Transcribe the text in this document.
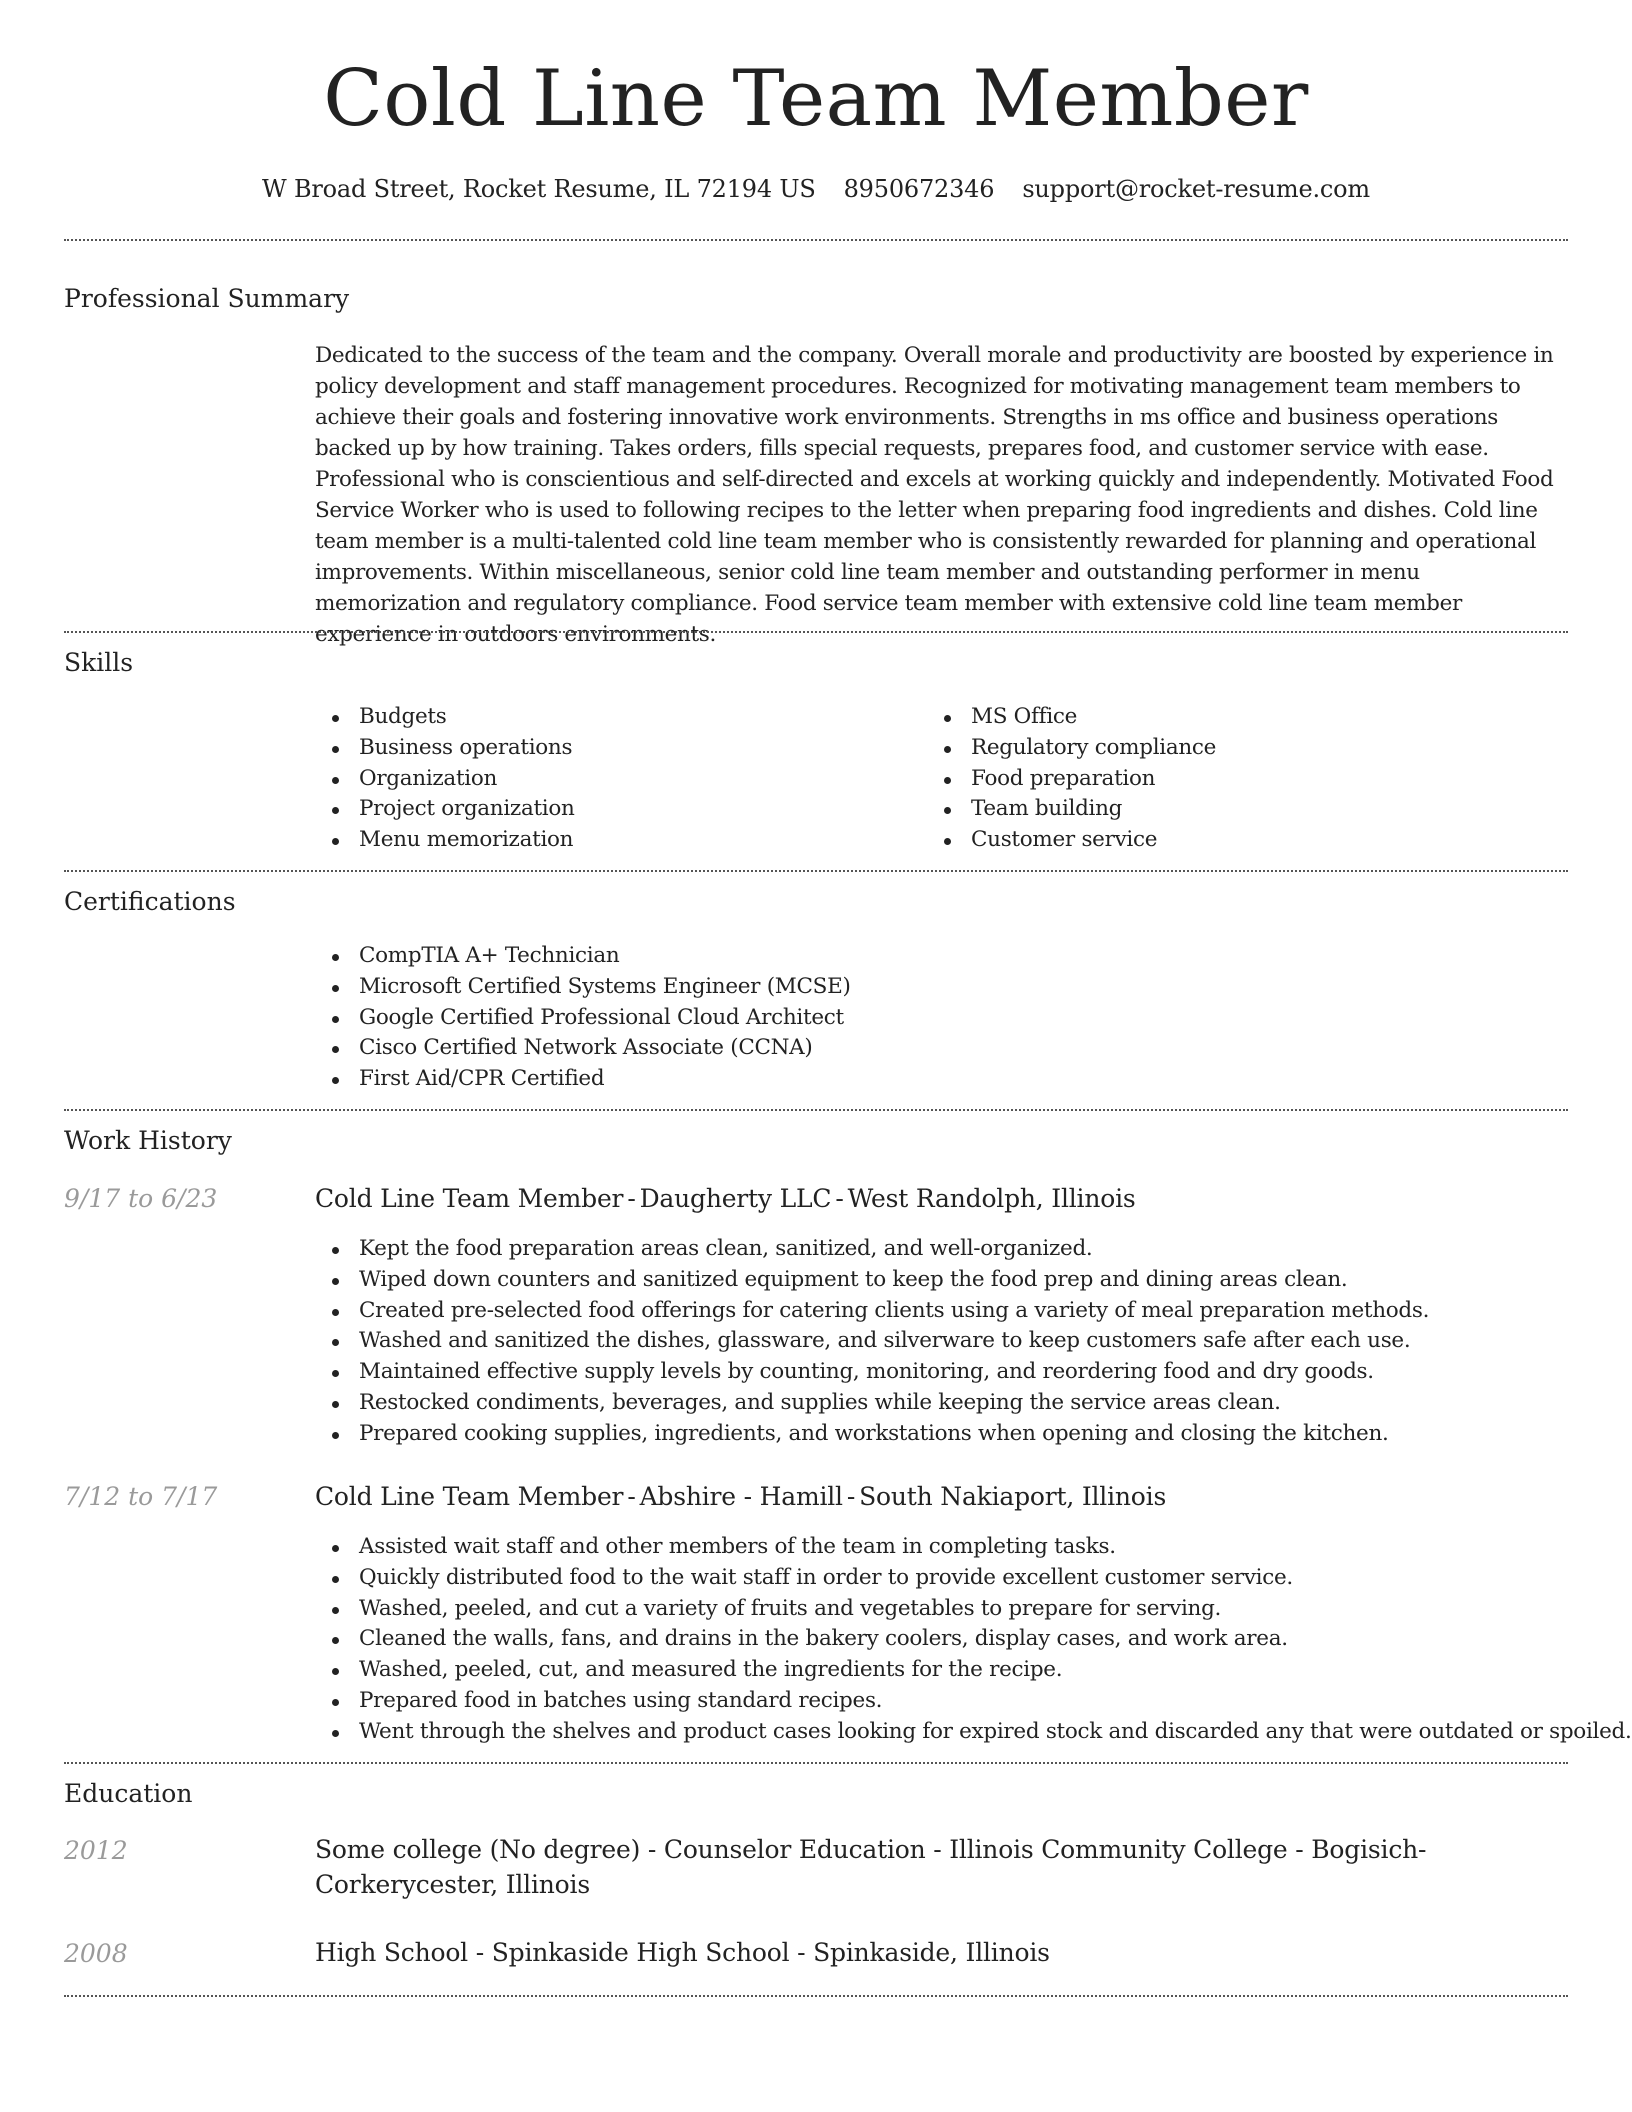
Cold Line Team Member
W Broad Street, Rocket Resume, IL 72194 US 8950672346 support@rocket-resume.com
Professional Summary
Dedicated to the success of the team and the company. Overall morale and productivity are boosted by experience in policy development and staff management procedures. Recognized for motivating management team members to achieve their goals and fostering innovative work environments. Strengths in ms office and business operations backed up by how training. Takes orders, fills special requests, prepares food, and customer service with ease. Professional who is conscientious and self-directed and excels at working quickly and independently. Motivated Food Service Worker who is used to following recipes to the letter when preparing food ingredients and dishes. Cold line team member is a multi-talented cold line team member who is consistently rewarded for planning and operational improvements. Within miscellaneous, senior cold line team member and outstanding performer in menu memorization and regulatory compliance. Food service team member with extensive cold line team member experience in outdoors environments.
Skills
Budgets
Business operations
Organization
Project organization
Menu memorization
MS Office
Regulatory compliance
Food preparation
Team building
Customer service
Certifications
CompTIA A+ Technician
Microsoft Certified Systems Engineer (MCSE)
Google Certified Professional Cloud Architect
Cisco Certified Network Associate (CCNA)
First Aid/CPR Certified
Work History
9/17 to 6/23	Cold Line Team Member - Daugherty LLC - West Randolph, Illinois
Kept the food preparation areas clean, sanitized, and well-organized.
Wiped down counters and sanitized equipment to keep the food prep and dining areas clean.
Created pre-selected food offerings for catering clients using a variety of meal preparation methods.
Washed and sanitized the dishes, glassware, and silverware to keep customers safe after each use.
Maintained effective supply levels by counting, monitoring, and reordering food and dry goods.
Restocked condiments, beverages, and supplies while keeping the service areas clean.
Prepared cooking supplies, ingredients, and workstations when opening and closing the kitchen.
7/12 to 7/17	Cold Line Team Member - Abshire - Hamill - South Nakiaport, Illinois
Assisted wait staff and other members of the team in completing tasks.
Quickly distributed food to the wait staff in order to provide excellent customer service.
Washed, peeled, and cut a variety of fruits and vegetables to prepare for serving.
Cleaned the walls, fans, and drains in the bakery coolers, display cases, and work area.
Washed, peeled, cut, and measured the ingredients for the recipe.
Prepared food in batches using standard recipes.
Went through the shelves and product cases looking for expired stock and discarded any that were outdated or spoiled.
Education
2012	Some college (No degree) - Counselor Education - Illinois Community College - Bogisich-Corkerycester, Illinois
2008	High School - Spinkaside High School - Spinkaside, Illinois
